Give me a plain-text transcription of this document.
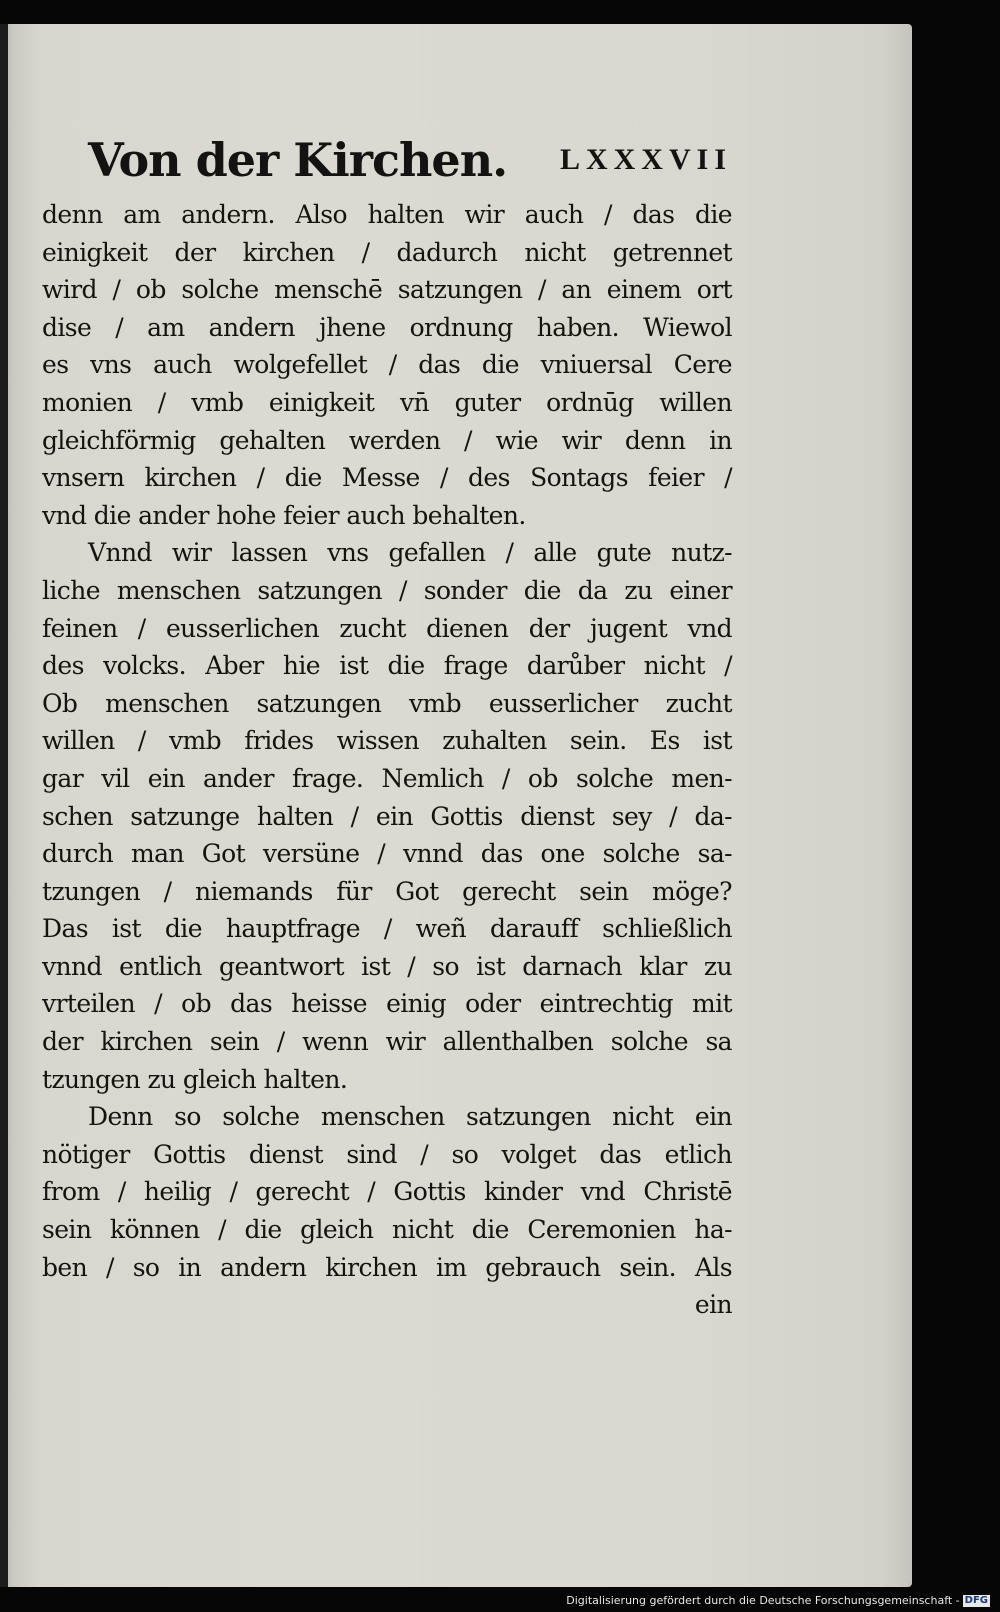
Von der Kirchen. LXXXVII
denn am andern. Also halten wir auch / das die
einigkeit der kirchen / dadurch nicht getrennet
wird / ob solche menschē satzungen / an einem ort
dise / am andern jhene ordnung haben. Wiewol
es vns auch wolgefellet / das die vniuersal Cere
monien / vmb einigkeit vn̄ guter ordnūg willen
gleichförmig gehalten werden / wie wir denn in
vnsern kirchen / die Messe / des Sontags feier /
vnd die ander hohe feier auch behalten.
Vnnd wir lassen vns gefallen / alle gute nutz-
liche menschen satzungen / sonder die da zu einer
feinen / eusserlichen zucht dienen der jugent vnd
des volcks. Aber hie ist die frage darůber nicht /
Ob menschen satzungen vmb eusserlicher zucht
willen / vmb frides wissen zuhalten sein. Es ist
gar vil ein ander frage. Nemlich / ob solche men-
schen satzunge halten / ein Gottis dienst sey / da-
durch man Got versüne / vnnd das one solche sa-
tzungen / niemands für Got gerecht sein möge?
Das ist die hauptfrage / weñ darauff schließlich
vnnd entlich geantwort ist / so ist darnach klar zu
vrteilen / ob das heisse einig oder eintrechtig mit
der kirchen sein / wenn wir allenthalben solche sa
tzungen zu gleich halten.
Denn so solche menschen satzungen nicht ein
nötiger Gottis dienst sind / so volget das etlich
from / heilig / gerecht / Gottis kinder vnd Christē
sein können / die gleich nicht die Ceremonien ha-
ben / so in andern kirchen im gebrauch sein. Als
ein
Digitalisierung gefördert durch die Deutsche Forschungsgemeinschaft - DFG
